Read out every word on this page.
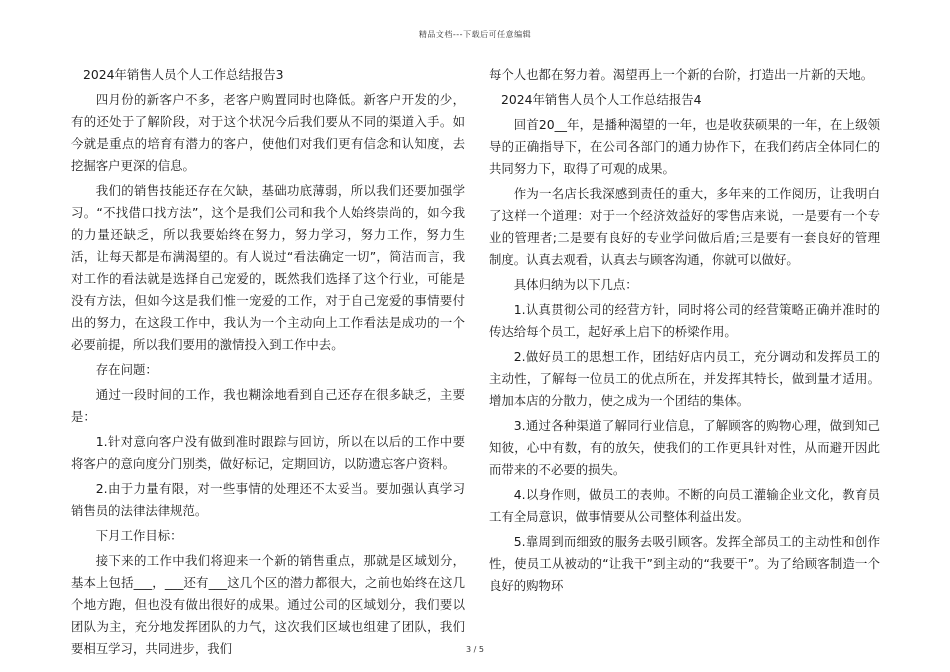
精品文档---下载后可任意编辑

2024年销售人员个人工作总结报告3

四月份的新客户不多，老客户购置同时也降低。新客户开发的少，有的还处于了解阶段，对于这个状况今后我们要从不同的渠道入手。如今就是重点的培育有潜力的客户，使他们对我们更有信念和认知度，去挖掘客户更深的信息。

我们的销售技能还存在欠缺，基础功底薄弱，所以我们还要加强学习。“不找借口找方法”，这个是我们公司和我个人始终崇尚的，如今我的力量还缺乏，所以我要始终在努力，努力学习，努力工作，努力生活，让每天都是布满渴望的。有人说过“看法确定一切”，简洁而言，我对工作的看法就是选择自己宠爱的，既然我们选择了这个行业，可能是没有方法，但如今这是我们惟一宠爱的工作，对于自己宠爱的事情要付出的努力，在这段工作中，我认为一个主动向上工作看法是成功的一个必要前提，所以我们要用的激情投入到工作中去。

存在问题：

通过一段时间的工作，我也糊涂地看到自己还存在很多缺乏，主要是：

1.针对意向客户没有做到准时跟踪与回访，所以在以后的工作中要将客户的意向度分门别类，做好标记，定期回访，以防遗忘客户资料。

2.由于力量有限，对一些事情的处理还不太妥当。要加强认真学习销售员的法律法律规范。

下月工作目标：

接下来的工作中我们将迎来一个新的销售重点，那就是区域划分，基本上包括___，___还有___这几个区的潜力都很大，之前也始终在这几个地方跑，但也没有做出很好的成果。通过公司的区域划分，我们要以团队为主，充分地发挥团队的力气，这次我们区域也组建了团队，我们要相互学习，共同进步，我们

每个人也都在努力着。渴望再上一个新的台阶，打造出一片新的天地。

2024年销售人员个人工作总结报告4

回首20__年，是播种渴望的一年，也是收获硕果的一年，在上级领导的正确指导下，在公司各部门的通力协作下，在我们药店全体同仁的共同努力下，取得了可观的成果。

作为一名店长我深感到责任的重大，多年来的工作阅历，让我明白了这样一个道理：对于一个经济效益好的零售店来说，一是要有一个专业的管理者;二是要有良好的专业学问做后盾;三是要有一套良好的管理制度。认真去观看，认真去与顾客沟通，你就可以做好。

具体归纳为以下几点：

1.认真贯彻公司的经营方针，同时将公司的经营策略正确并准时的传达给每个员工，起好承上启下的桥梁作用。

2.做好员工的思想工作，团结好店内员工，充分调动和发挥员工的主动性，了解每一位员工的优点所在，并发挥其特长，做到量才适用。增加本店的分散力，使之成为一个团结的集体。

3.通过各种渠道了解同行业信息，了解顾客的购物心理，做到知己知彼，心中有数，有的放矢，使我们的工作更具针对性，从而避开因此而带来的不必要的损失。

4.以身作则，做员工的表帅。不断的向员工灌输企业文化，教育员工有全局意识，做事情要从公司整体利益出发。

5.靠周到而细致的服务去吸引顾客。发挥全部员工的主动性和创作性，使员工从被动的“让我干”到主动的“我要干”。为了给顾客制造一个良好的购物环

3 / 5
